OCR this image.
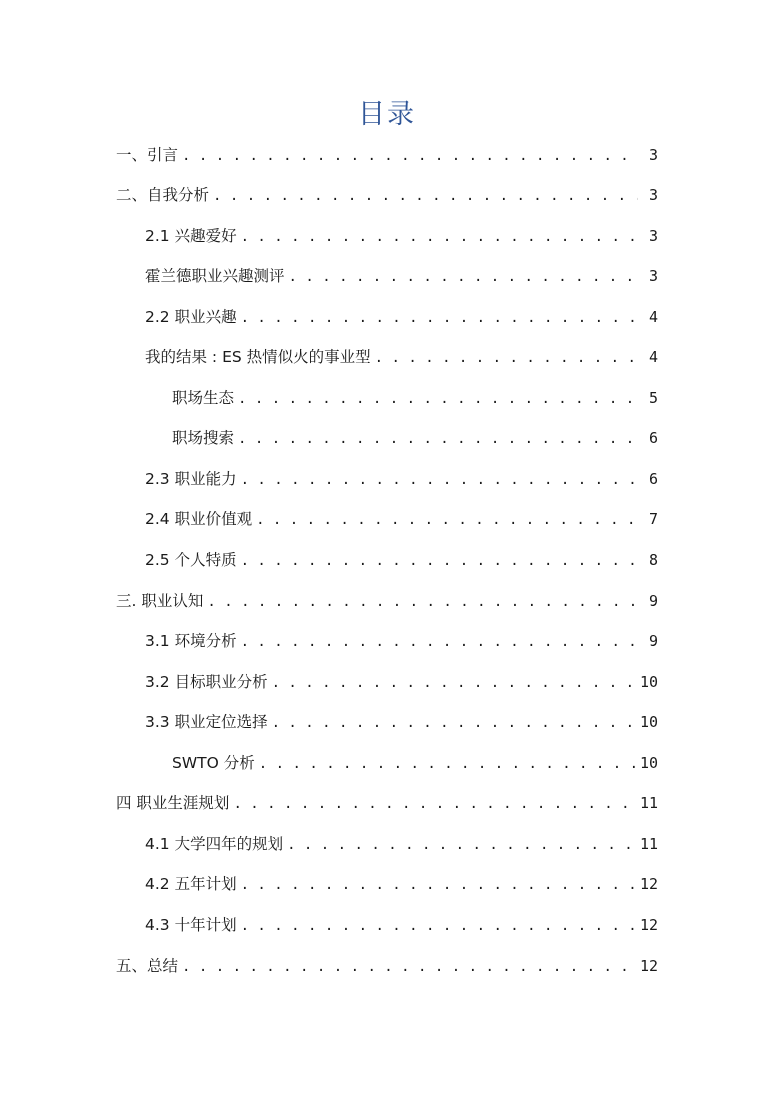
目录
一、引言 . . .	3
二、自我分析 . . .	3
2.1 兴趣爱好 . . .	3
霍兰德职业兴趣测评 . . .	3
2.2 职业兴趣 . . .	4
我的结果 : ES 热情似火的事业型 . . .	4
职场生态 . . .	5
职场搜索 . . .	6
2.3 职业能力 . . .	6
2.4 职业价值观 . . .	7
2.5 个人特质 . . .	8
三. 职业认知 . . .	9
3.1 环境分析 . . .	9
3.2 目标职业分析 . . .	10
3.3 职业定位选择 . . .	10
SWTO 分析 . . .	10
四 职业生涯规划 . . .	11
4.1 大学四年的规划 . . .	11
4.2 五年计划 . . .	12
4.3 十年计划 . . .	12
五、总结 . . .	12
